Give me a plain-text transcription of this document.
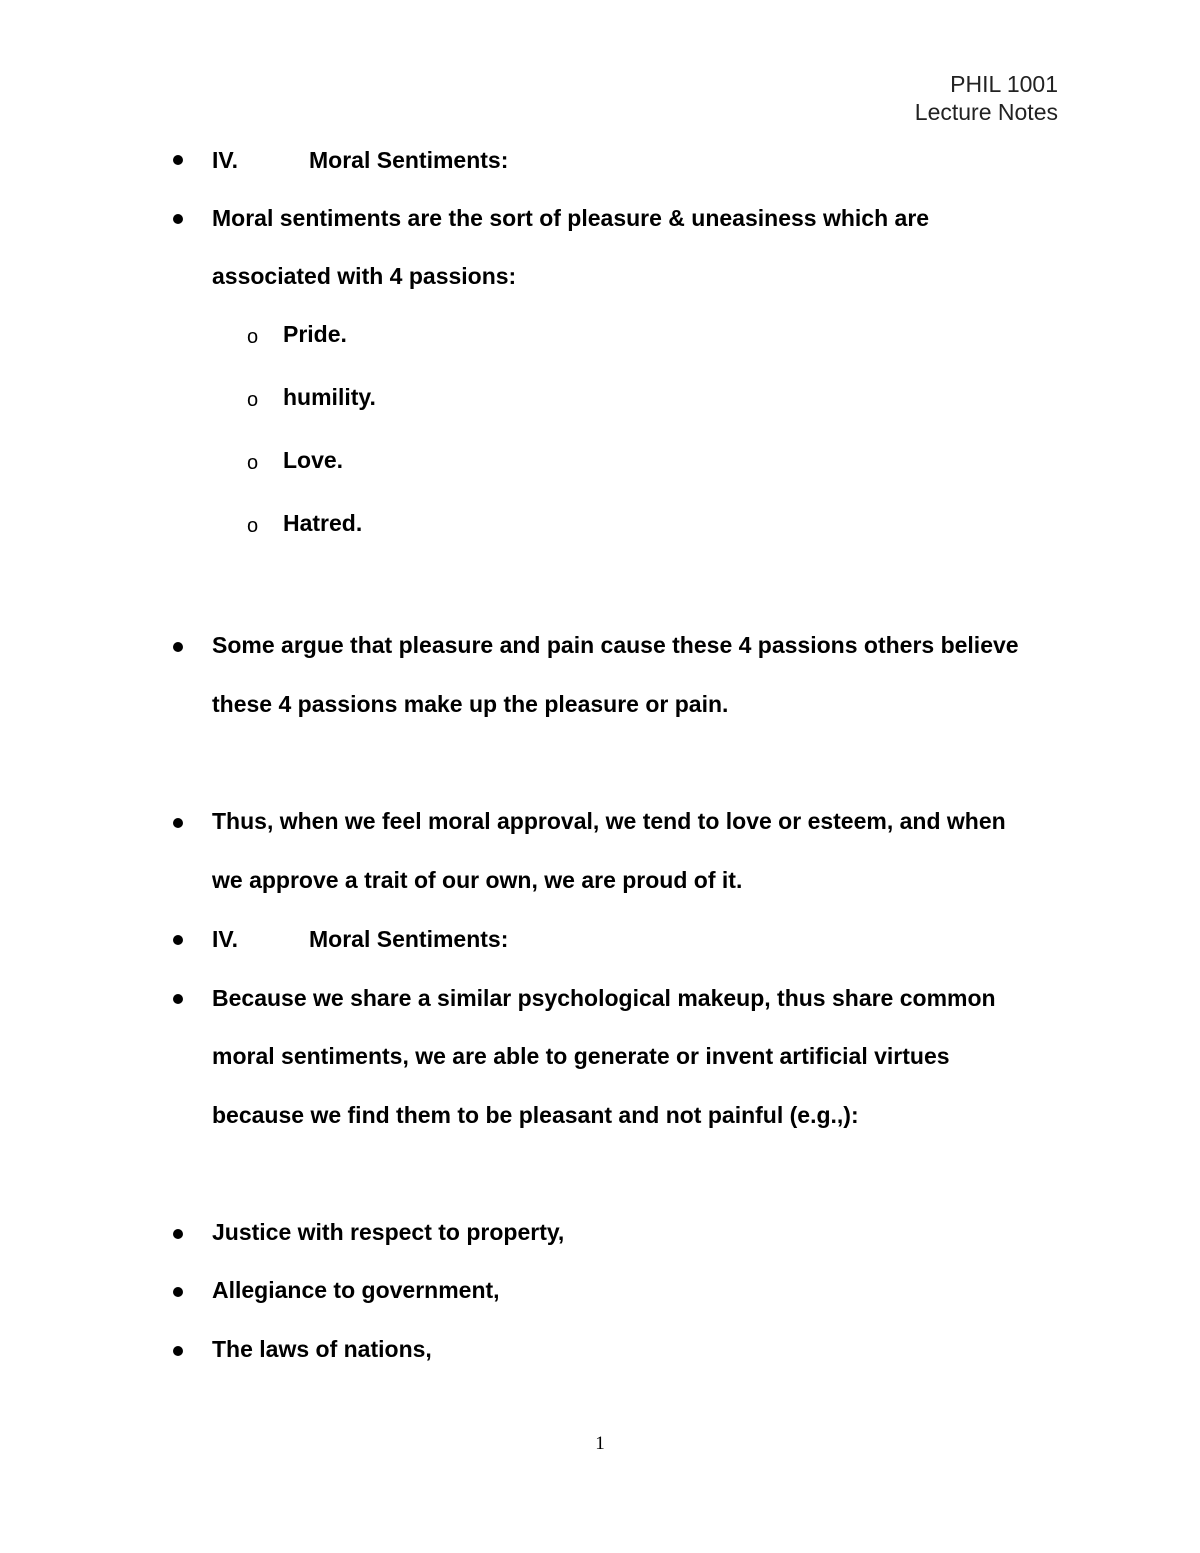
PHIL 1001
Lecture Notes
IV.	Moral Sentiments:
Moral sentiments are the sort of pleasure & uneasiness which are
associated with 4 passions:
o Pride.
o humility.
o Love.
o Hatred.
Some argue that pleasure and pain cause these 4 passions others believe
these 4 passions make up the pleasure or pain.
Thus, when we feel moral approval, we tend to love or esteem, and when
we approve a trait of our own, we are proud of it.
IV.	Moral Sentiments:
Because we share a similar psychological makeup, thus share common
moral sentiments, we are able to generate or invent artificial virtues
because we find them to be pleasant and not painful (e.g.,):
Justice with respect to property,
Allegiance to government,
The laws of nations,
1
